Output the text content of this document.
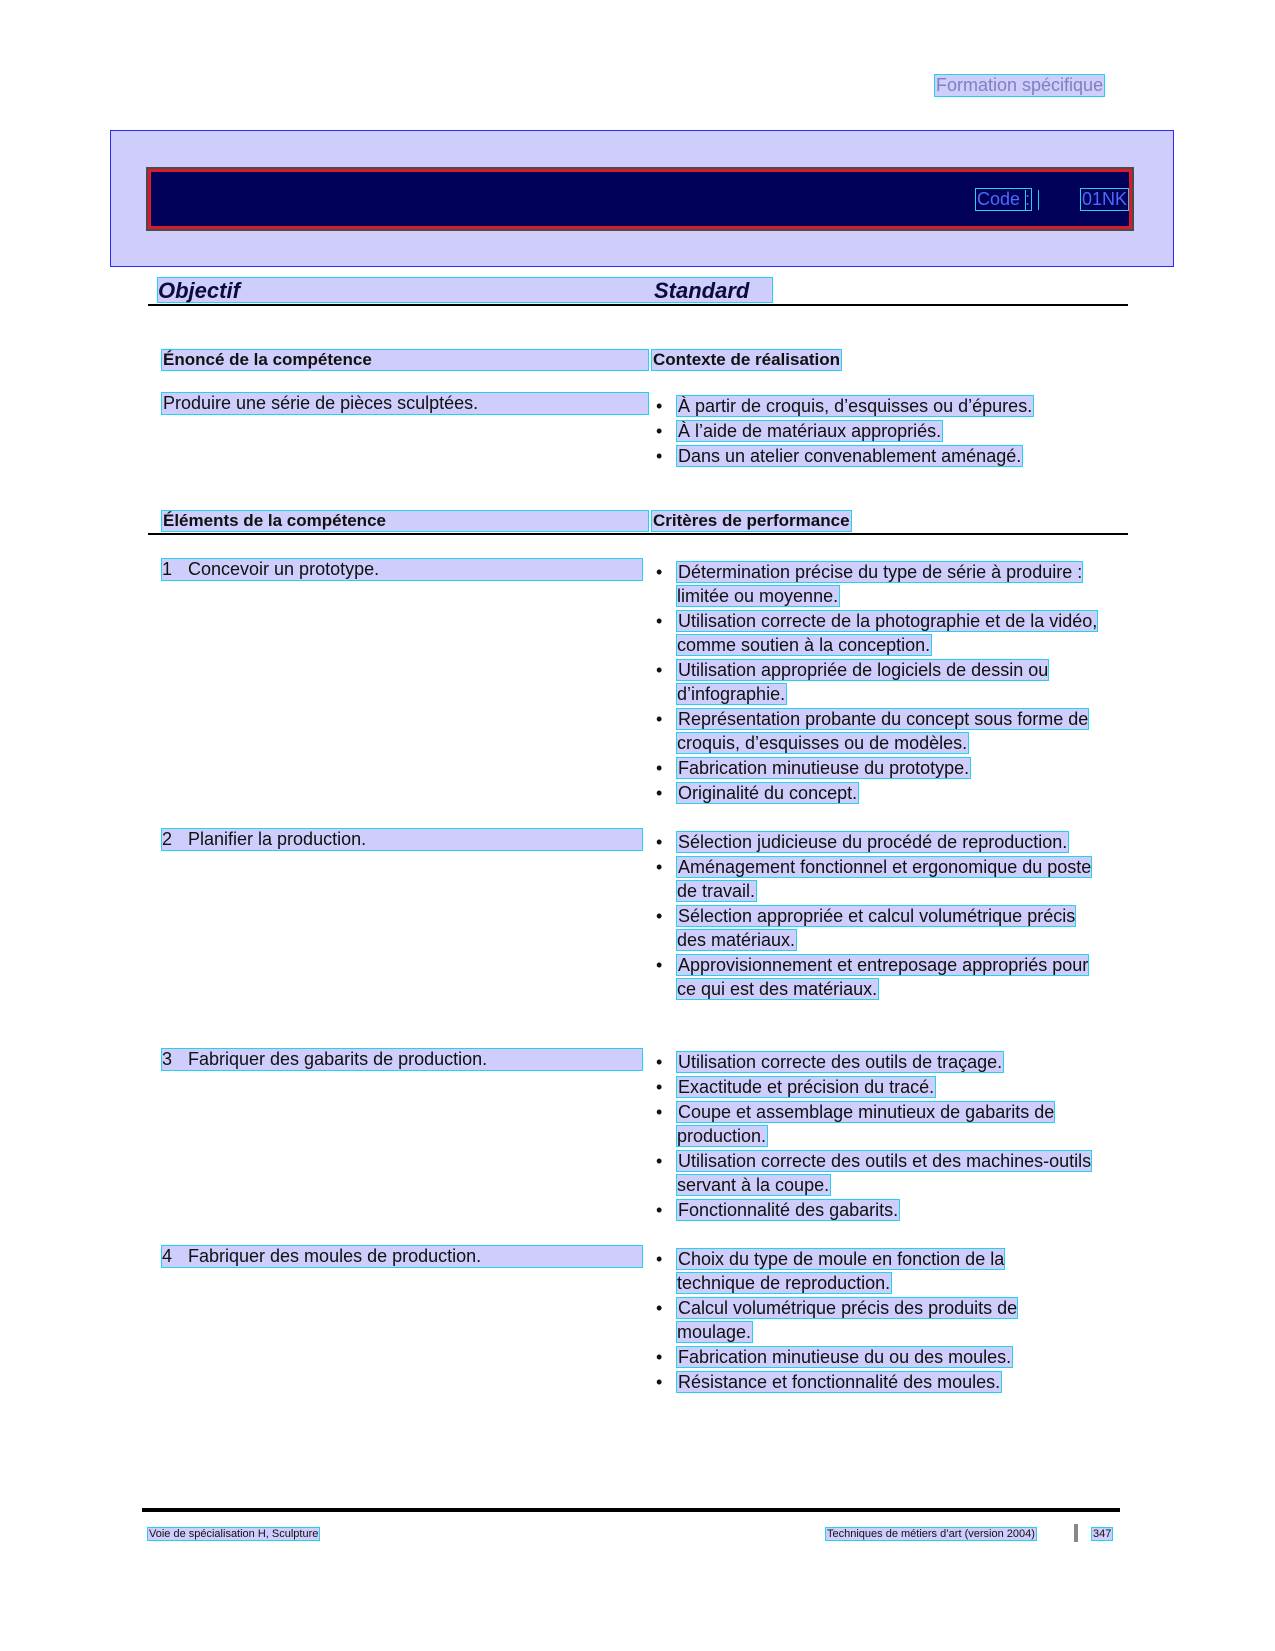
Formation spécifique
Code :	01NK
Objectif	Standard
Énoncé de la compétence	Contexte de réalisation
Produire une série de pièces sculptées.	• À partir de croquis, d’esquisses ou d’épures.
• À l’aide de matériaux appropriés.
• Dans un atelier convenablement aménagé.
Éléments de la compétence	Critères de performance
1 Concevoir un prototype.	• Détermination précise du type de série à produire : limitée ou moyenne.
• Utilisation correcte de la photographie et de la vidéo, comme soutien à la conception.
• Utilisation appropriée de logiciels de dessin ou d’infographie.
• Représentation probante du concept sous forme de croquis, d’esquisses ou de modèles.
• Fabrication minutieuse du prototype.
• Originalité du concept.
2 Planifier la production.	• Sélection judicieuse du procédé de reproduction.
• Aménagement fonctionnel et ergonomique du poste de travail.
• Sélection appropriée et calcul volumétrique précis des matériaux.
• Approvisionnement et entreposage appropriés pour ce qui est des matériaux.
3 Fabriquer des gabarits de production.	• Utilisation correcte des outils de traçage.
• Exactitude et précision du tracé.
• Coupe et assemblage minutieux de gabarits de production.
• Utilisation correcte des outils et des machines-outils servant à la coupe.
• Fonctionnalité des gabarits.
4 Fabriquer des moules de production.	• Choix du type de moule en fonction de la technique de reproduction.
• Calcul volumétrique précis des produits de moulage.
• Fabrication minutieuse du ou des moules.
• Résistance et fonctionnalité des moules.
Voie de spécialisation H, Sculpture	Techniques de métiers d’art (version 2004)	347
